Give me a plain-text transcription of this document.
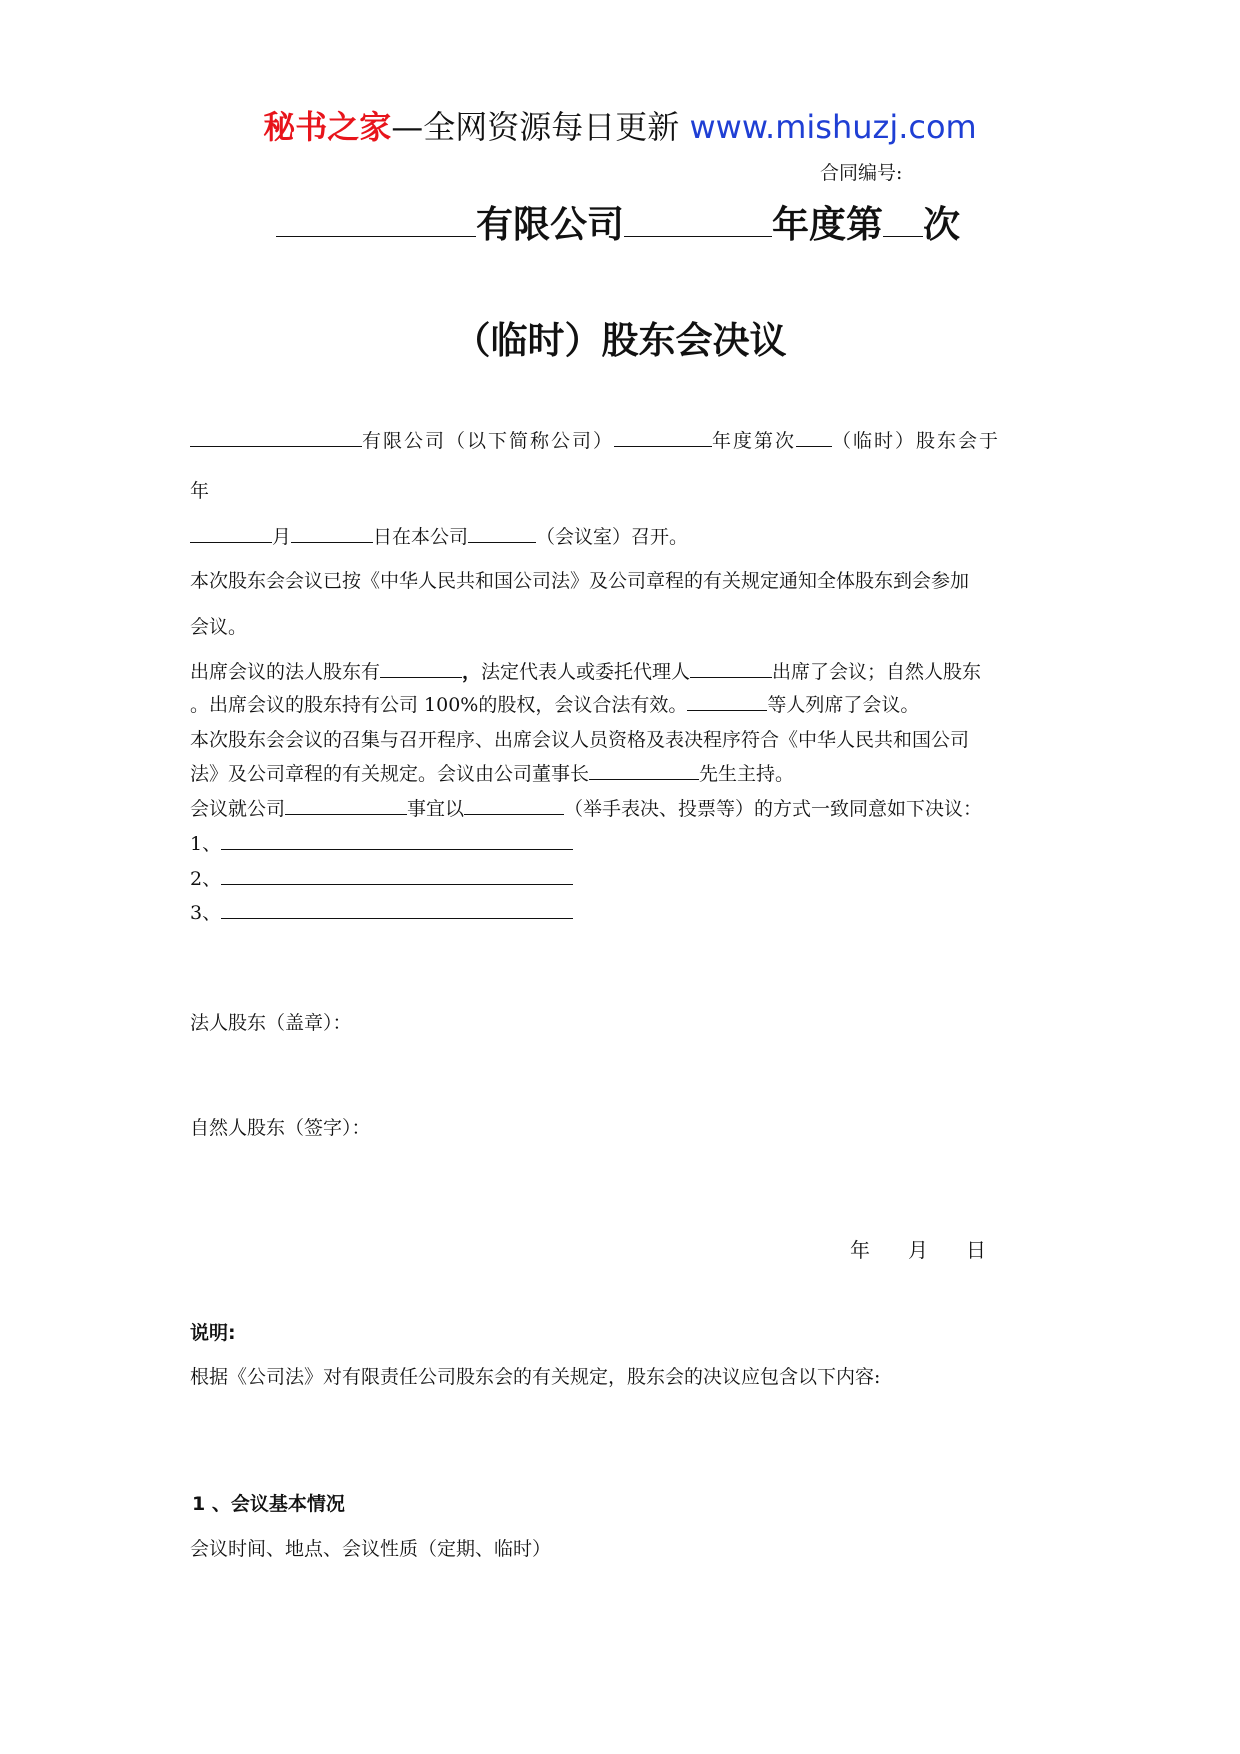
秘书之家—全网资源每日更新 www.mishuzj.com
合同编号:
有限公司	年度第 次
（临时）股东会决议
有限公司（以下简称公司）	年度第次 （临时）股东会于
年
月	日在本公司	（会议室）召开。
本次股东会会议已按《中华人民共和国公司法》及公司章程的有关规定通知全体股东到会参加
会议。
出席会议的法人股东有	，法定代表人或委托代理人	出席了会议；自然人股东
。出席会议的股东持有公司 100%的股权，会议合法有效。	等人列席了会议。
本次股东会会议的召集与召开程序、出席会议人员资格及表决程序符合《中华人民共和国公司
法》及公司章程的有关规定。会议由公司董事长	先生主持。
会议就公司	事宜以	（举手表决、投票等）的方式一致同意如下决议：
1、
2、
3、
法人股东（盖章）：
自然人股东（签字）：
年 月 日
说明:
根据《公司法》对有限责任公司股东会的有关规定，股东会的决议应包含以下内容:
1 、会议基本情况
会议时间、地点、会议性质（定期、临时）
